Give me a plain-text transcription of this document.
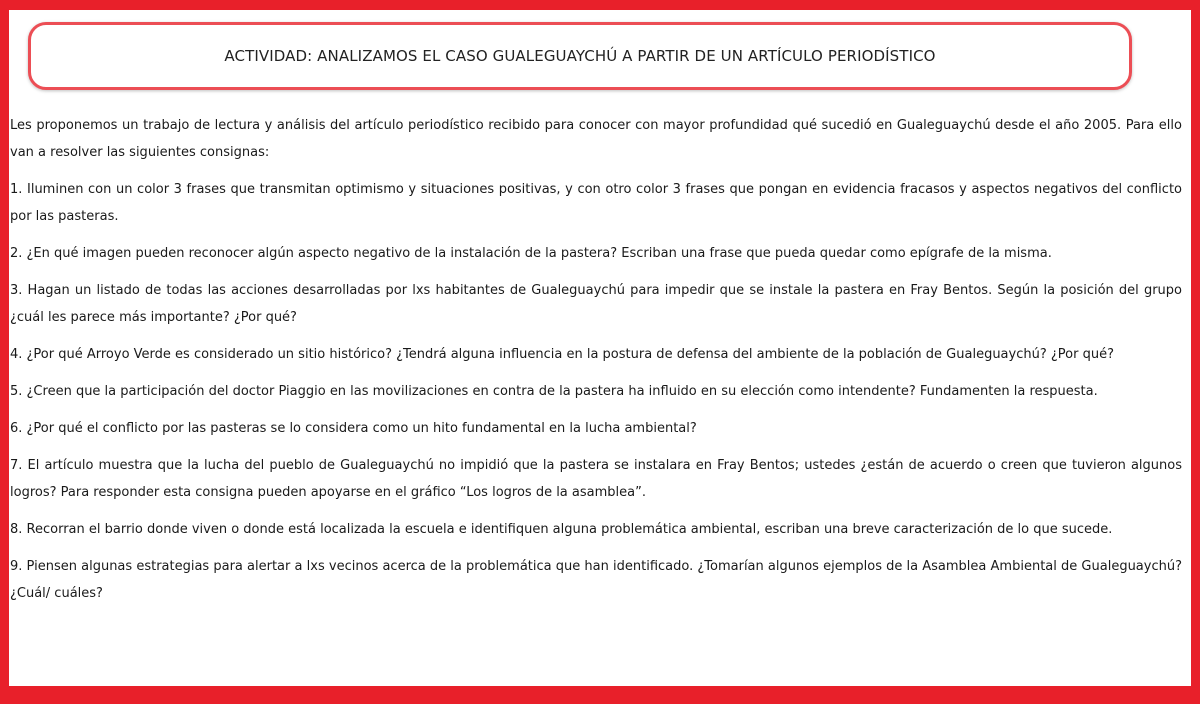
ACTIVIDAD: ANALIZAMOS EL CASO GUALEGUAYCHÚ A PARTIR DE UN ARTÍCULO PERIODÍSTICO

Les proponemos un trabajo de lectura y análisis del artículo periodístico recibido para conocer con mayor profundidad qué sucedió en Gualeguaychú desde el año 2005. Para ello van a resolver las siguientes consignas:

1. Iluminen con un color 3 frases que transmitan optimismo y situaciones positivas, y con otro color 3 frases que pongan en evidencia fracasos y aspectos negativos del conflicto por las pasteras.

2. ¿En qué imagen pueden reconocer algún aspecto negativo de la instalación de la pastera? Escriban una frase que pueda quedar como epígrafe de la misma.

3. Hagan un listado de todas las acciones desarrolladas por lxs habitantes de Gualeguaychú para impedir que se instale la pastera en Fray Bentos. Según la posición del grupo ¿cuál les parece más importante? ¿Por qué?

4. ¿Por qué Arroyo Verde es considerado un sitio histórico? ¿Tendrá alguna influencia en la postura de defensa del ambiente de la población de Gualeguaychú? ¿Por qué?

5. ¿Creen que la participación del doctor Piaggio en las movilizaciones en contra de la pastera ha influido en su elección como intendente? Fundamenten la respuesta.

6. ¿Por qué el conflicto por las pasteras se lo considera como un hito fundamental en la lucha ambiental?

7. El artículo muestra que la lucha del pueblo de Gualeguaychú no impidió que la pastera se instalara en Fray Bentos; ustedes ¿están de acuerdo o creen que tuvieron algunos logros? Para responder esta consigna pueden apoyarse en el gráfico “Los logros de la asamblea”.

8. Recorran el barrio donde viven o donde está localizada la escuela e identifiquen alguna problemática ambiental, escriban una breve caracterización de lo que sucede.

9. Piensen algunas estrategias para alertar a lxs vecinos acerca de la problemática que han identificado. ¿Tomarían algunos ejemplos de la Asamblea Ambiental de Gualeguaychú? ¿Cuál/ cuáles?
